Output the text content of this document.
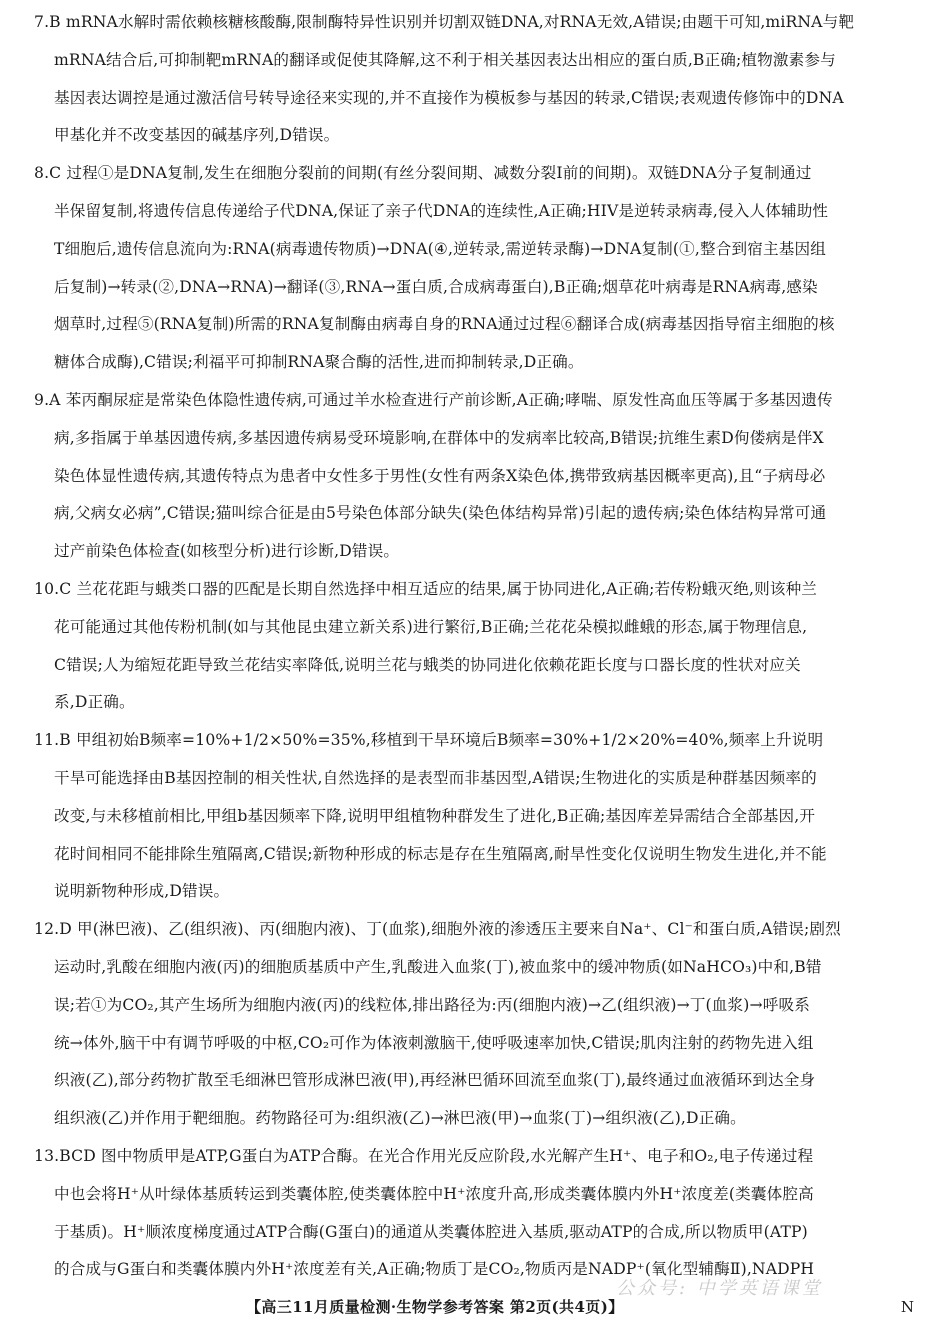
7.B mRNA水解时需依赖核糖核酸酶,限制酶特异性识别并切割双链DNA,对RNA无效,A错误;由题干可知,miRNA与靶
mRNA结合后,可抑制靶mRNA的翻译或促使其降解,这不利于相关基因表达出相应的蛋白质,B正确;植物激素参与
基因表达调控是通过激活信号转导途径来实现的,并不直接作为模板参与基因的转录,C错误;表观遗传修饰中的DNA
甲基化并不改变基因的碱基序列,D错误。
8.C 过程①是DNA复制,发生在细胞分裂前的间期(有丝分裂间期、减数分裂Ⅰ前的间期)。双链DNA分子复制通过
半保留复制,将遗传信息传递给子代DNA,保证了亲子代DNA的连续性,A正确;HIV是逆转录病毒,侵入人体辅助性
T细胞后,遗传信息流向为:RNA(病毒遗传物质)→DNA(④,逆转录,需逆转录酶)→DNA复制(①,整合到宿主基因组
后复制)→转录(②,DNA→RNA)→翻译(③,RNA→蛋白质,合成病毒蛋白),B正确;烟草花叶病毒是RNA病毒,感染
烟草时,过程⑤(RNA复制)所需的RNA复制酶由病毒自身的RNA通过过程⑥翻译合成(病毒基因指导宿主细胞的核
糖体合成酶),C错误;利福平可抑制RNA聚合酶的活性,进而抑制转录,D正确。
9.A 苯丙酮尿症是常染色体隐性遗传病,可通过羊水检查进行产前诊断,A正确;哮喘、原发性高血压等属于多基因遗传
病,多指属于单基因遗传病,多基因遗传病易受环境影响,在群体中的发病率比较高,B错误;抗维生素D佝偻病是伴X
染色体显性遗传病,其遗传特点为患者中女性多于男性(女性有两条X染色体,携带致病基因概率更高),且“子病母必
病,父病女必病”,C错误;猫叫综合征是由5号染色体部分缺失(染色体结构异常)引起的遗传病;染色体结构异常可通
过产前染色体检查(如核型分析)进行诊断,D错误。
10.C 兰花花距与蛾类口器的匹配是长期自然选择中相互适应的结果,属于协同进化,A正确;若传粉蛾灭绝,则该种兰
花可能通过其他传粉机制(如与其他昆虫建立新关系)进行繁衍,B正确;兰花花朵模拟雌蛾的形态,属于物理信息,
C错误;人为缩短花距导致兰花结实率降低,说明兰花与蛾类的协同进化依赖花距长度与口器长度的性状对应关
系,D正确。
11.B 甲组初始B频率=10%+1/2×50%=35%,移植到干旱环境后B频率=30%+1/2×20%=40%,频率上升说明
干旱可能选择由B基因控制的相关性状,自然选择的是表型而非基因型,A错误;生物进化的实质是种群基因频率的
改变,与未移植前相比,甲组b基因频率下降,说明甲组植物种群发生了进化,B正确;基因库差异需结合全部基因,开
花时间相同不能排除生殖隔离,C错误;新物种形成的标志是存在生殖隔离,耐旱性变化仅说明生物发生进化,并不能
说明新物种形成,D错误。
12.D 甲(淋巴液)、乙(组织液)、丙(细胞内液)、丁(血浆),细胞外液的渗透压主要来自Na⁺、Cl⁻和蛋白质,A错误;剧烈
运动时,乳酸在细胞内液(丙)的细胞质基质中产生,乳酸进入血浆(丁),被血浆中的缓冲物质(如NaHCO₃)中和,B错
误;若①为CO₂,其产生场所为细胞内液(丙)的线粒体,排出路径为:丙(细胞内液)→乙(组织液)→丁(血浆)→呼吸系
统→体外,脑干中有调节呼吸的中枢,CO₂可作为体液刺激脑干,使呼吸速率加快,C错误;肌肉注射的药物先进入组
织液(乙),部分药物扩散至毛细淋巴管形成淋巴液(甲),再经淋巴循环回流至血浆(丁),最终通过血液循环到达全身
组织液(乙)并作用于靶细胞。药物路径可为:组织液(乙)→淋巴液(甲)→血浆(丁)→组织液(乙),D正确。
13.BCD 图中物质甲是ATP,G蛋白为ATP合酶。在光合作用光反应阶段,水光解产生H⁺、电子和O₂,电子传递过程
中也会将H⁺从叶绿体基质转运到类囊体腔,使类囊体腔中H⁺浓度升高,形成类囊体膜内外H⁺浓度差(类囊体腔高
于基质)。H⁺顺浓度梯度通过ATP合酶(G蛋白)的通道从类囊体腔进入基质,驱动ATP的合成,所以物质甲(ATP)
的合成与G蛋白和类囊体膜内外H⁺浓度差有关,A正确;物质丁是CO₂,物质丙是NADP⁺(氧化型辅酶Ⅱ),NADPH
公众号: 中学英语课堂
【高三11月质量检测·生物学参考答案 第2页(共4页)】	N
